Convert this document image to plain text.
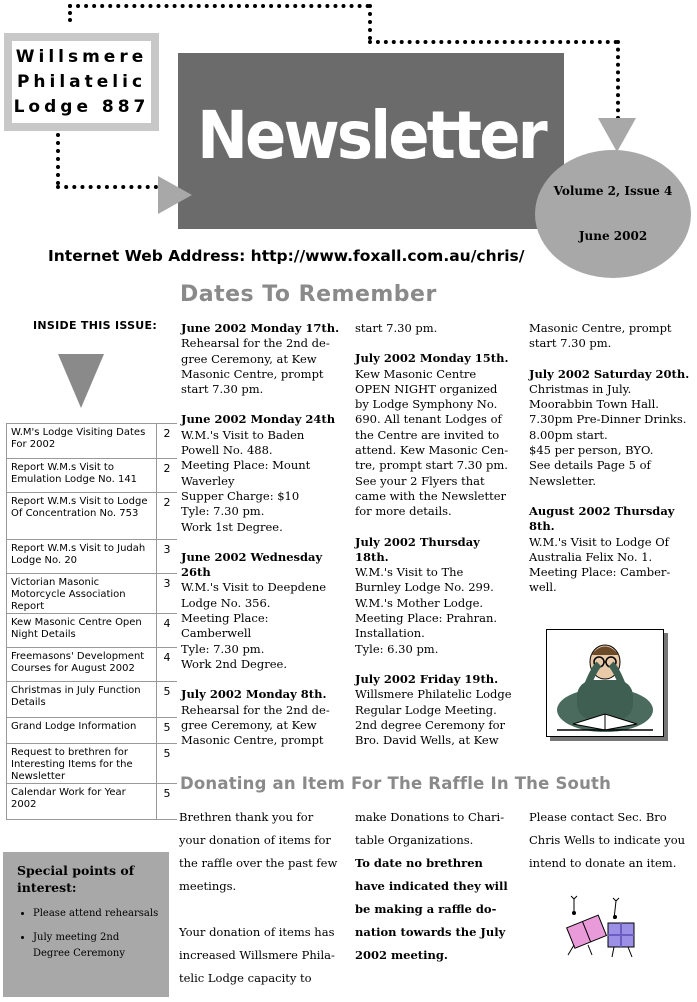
Willsmere
Philatelic
Lodge 887 Newsletter
Volume 2, Issue 4
June 2002
Internet Web Address: http://www.foxall.com.au/chris/
Dates To Remember
INSIDE THIS ISSUE:
W.M's Lodge Visiting Dates For 2002
2
Report W.M.s Visit to Emulation Lodge No. 141
2
Report W.M.s Visit to Lodge Of Concentration No. 753
2
Report W.M.s Visit to Judah Lodge No. 20
3
Victorian Masonic Motorcycle Association Report
3
Kew Masonic Centre Open Night Details
4
Freemasons' Development Courses for August 2002
4
Christmas in July Function Details
5
Grand Lodge Information	5
Request to brethren for Interesting Items for the Newsletter
5
Calendar Work for Year 2002
5
Special points of interest:
• Please attend rehearsals
• July meeting 2nd Degree Ceremony
June 2002 Monday 17th.
Rehearsal for the 2nd de-
gree Ceremony, at Kew
Masonic Centre, prompt
start 7.30 pm.
June 2002 Monday 24th
W.M.'s Visit to Baden
Powell No. 488.
Meeting Place: Mount
Waverley
Supper Charge: $10
Tyle: 7.30 pm.
Work 1st Degree.
June 2002 Wednesday 26th
W.M.'s Visit to Deepdene
Lodge No. 356.
Meeting Place: Camberwell
Tyle: 7.30 pm.
Work 2nd Degree.
July 2002 Monday 8th.
Rehearsal for the 2nd de-
gree Ceremony, at Kew
Masonic Centre, prompt
start 7.30 pm.
July 2002 Monday 15th.
Kew Masonic Centre
OPEN NIGHT organized
by Lodge Symphony No.
690. All tenant Lodges of
the Centre are invited to
attend. Kew Masonic Cen-
tre, prompt start 7.30 pm.
See your 2 Flyers that
came with the Newsletter
for more details.
July 2002 Thursday 18th.
W.M.'s Visit to The
Burnley Lodge No. 299.
W.M.'s Mother Lodge.
Meeting Place: Prahran.
Installation.
Tyle: 6.30 pm.
July 2002 Friday 19th.
Willsmere Philatelic Lodge
Regular Lodge Meeting.
2nd degree Ceremony for
Bro. David Wells, at Kew
Masonic Centre, prompt
start 7.30 pm.
July 2002 Saturday 20th.
Christmas in July.
Moorabbin Town Hall.
7.30pm Pre-Dinner Drinks.
8.00pm start.
$45 per person, BYO.
See details Page 5 of
Newsletter.
August 2002 Thursday 8th.
W.M.'s Visit to Lodge Of
Australia Felix No. 1.
Meeting Place: Camber-
well.
Donating an Item For The Raffle In The South
Brethren thank you for
your donation of items for
the raffle over the past few
meetings.

Your donation of items has
increased Willsmere Phila-
telic Lodge capacity to
make Donations to Chari-
table Organizations.
To date no brethren
have indicated they will
be making a raffle do-
nation towards the July
2002 meeting.
Please contact Sec. Bro
Chris Wells to indicate you
intend to donate an item.
